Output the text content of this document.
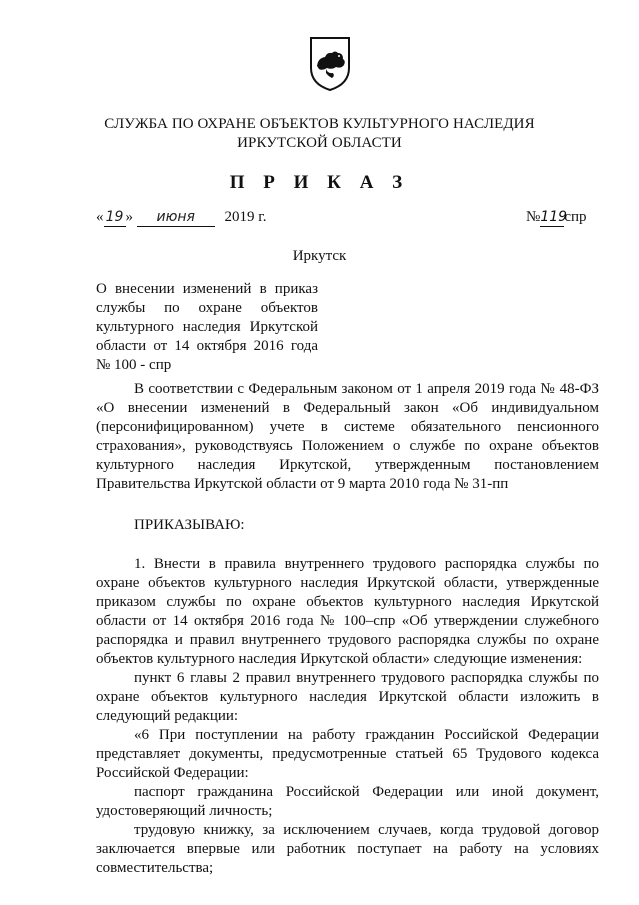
СЛУЖБА ПО ОХРАНЕ ОБЪЕКТОВ КУЛЬТУРНОГО НАСЛЕДИЯ
ИРКУТСКОЙ ОБЛАСТИ
П Р И К А З
« 19 » июня 2019 г.	№119спр
Иркутск
О внесении изменений в приказ
службы по охране объектов
культурного наследия Иркутской
области от 14 октября 2016 года
№ 100 - спр

В соответствии с Федеральным законом от 1 апреля 2019 года № 48-ФЗ «О внесении изменений в Федеральный закон «Об индивидуальном (персонифицированном) учете в системе обязательного пенсионного страхования», руководствуясь Положением о службе по охране объектов культурного наследия Иркутской, утвержденным постановлением Правительства Иркутской области от 9 марта 2010 года № 31-пп

ПРИКАЗЫВАЮ:

1. Внести в правила внутреннего трудового распорядка службы по охране объектов культурного наследия Иркутской области, утвержденные приказом службы по охране объектов культурного наследия Иркутской области от 14 октября 2016 года № 100–спр «Об утверждении служебного распорядка и правил внутреннего трудового распорядка службы по охране объектов культурного наследия Иркутской области» следующие изменения:

пункт 6 главы 2 правил внутреннего трудового распорядка службы по охране объектов культурного наследия Иркутской области изложить в следующий редакции:

«6 При поступлении на работу гражданин Российской Федерации представляет документы, предусмотренные статьей 65 Трудового кодекса Российской Федерации:

паспорт гражданина Российской Федерации или иной документ, удостоверяющий личность;

трудовую книжку, за исключением случаев, когда трудовой договор заключается впервые или работник поступает на работу на условиях совместительства;
